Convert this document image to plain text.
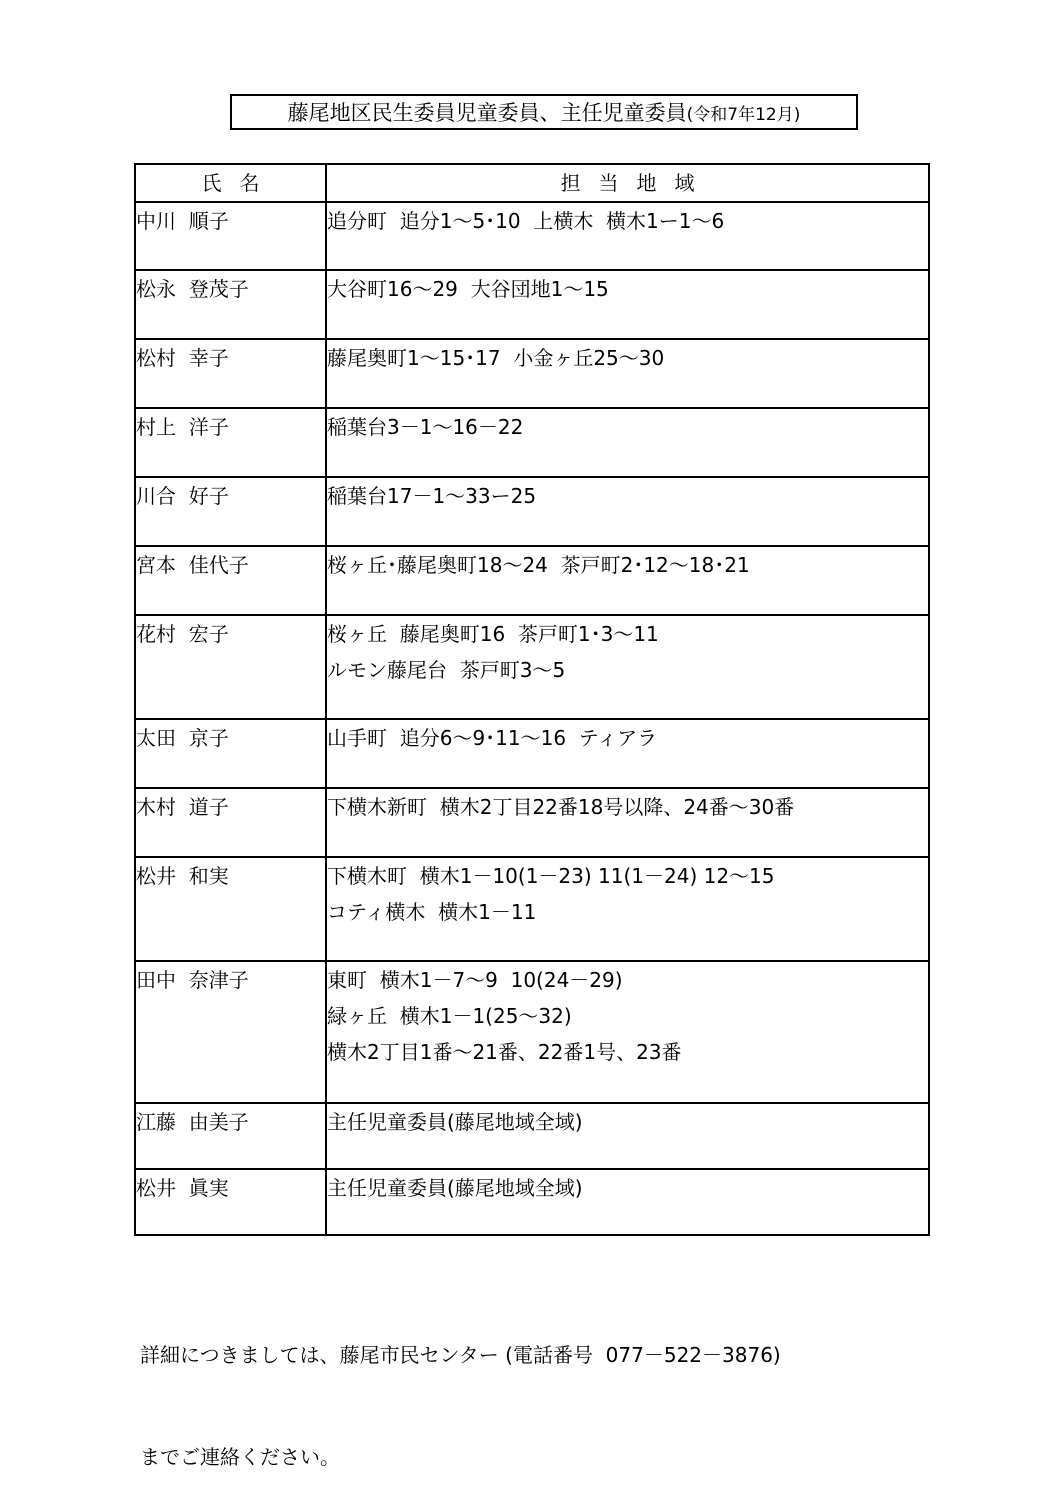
藤尾地区民生委員児童委員、主任児童委員 (令和7年12月)
氏名	担当地域
中川  順子	追分町  追分1～5･10  上横木  横木1ー1～6

松永  登茂子	大谷町16～29  大谷団地1～15

松村  幸子	藤尾奥町1～15･17  小金ヶ丘25～30

村上  洋子	稲葉台3－1～16－22

川合  好子	稲葉台17－1～33ー25

宮本  佳代子	桜ヶ丘･藤尾奥町18～24  茶戸町2･12～18･21

花村  宏子	桜ヶ丘  藤尾奥町16  茶戸町1･3～11
ルモン藤尾台  茶戸町3～5

太田  京子	山手町  追分6～9･11～16  ティアラ

木村  道子	下横木新町  横木2丁目22番18号以降、24番～30番

松井  和実	下横木町  横木1－10(1－23) 11(1－24) 12～15
コティ横木  横木1－11

田中  奈津子	東町  横木1－7～9  10(24－29)
緑ヶ丘  横木1－1(25～32)
横木2丁目1番～21番、22番1号、23番

江藤  由美子	主任児童委員(藤尾地域全域)

松井  眞実	主任児童委員(藤尾地域全域)

詳細につきましては、藤尾市民センター (電話番号  077－522－3876)

までご連絡ください。
